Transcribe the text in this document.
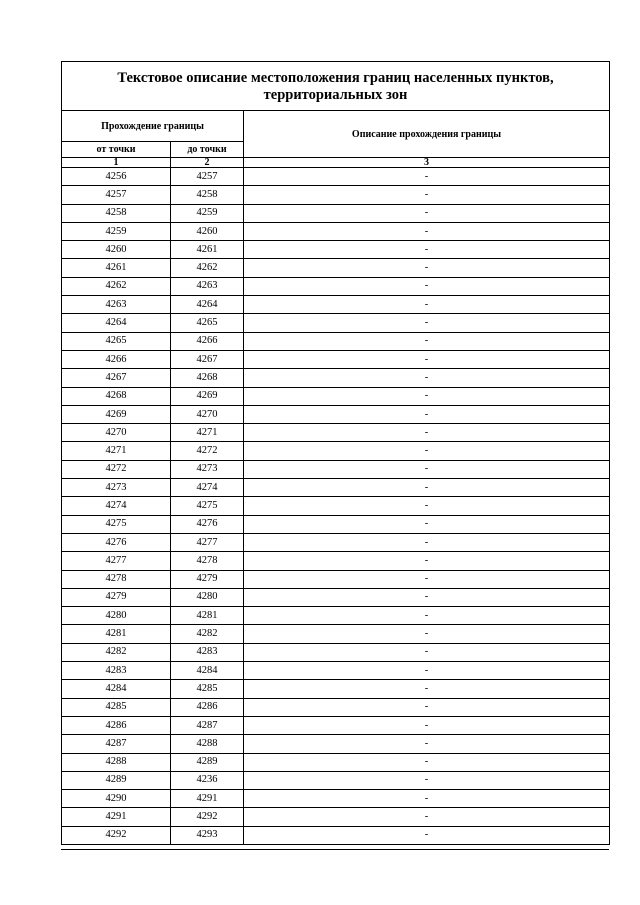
Текстовое описание местоположения границ населенных пунктов, территориальных зон		
Прохождение границы		Описание прохождения границы
от точки	до точки	
1	2	3
4256	4257	-
4257	4258	-
4258	4259	-
4259	4260	-
4260	4261	-
4261	4262	-
4262	4263	-
4263	4264	-
4264	4265	-
4265	4266	-
4266	4267	-
4267	4268	-
4268	4269	-
4269	4270	-
4270	4271	-
4271	4272	-
4272	4273	-
4273	4274	-
4274	4275	-
4275	4276	-
4276	4277	-
4277	4278	-
4278	4279	-
4279	4280	-
4280	4281	-
4281	4282	-
4282	4283	-
4283	4284	-
4284	4285	-
4285	4286	-
4286	4287	-
4287	4288	-
4288	4289	-
4289	4236	-
4290	4291	-
4291	4292	-
4292	4293	-
